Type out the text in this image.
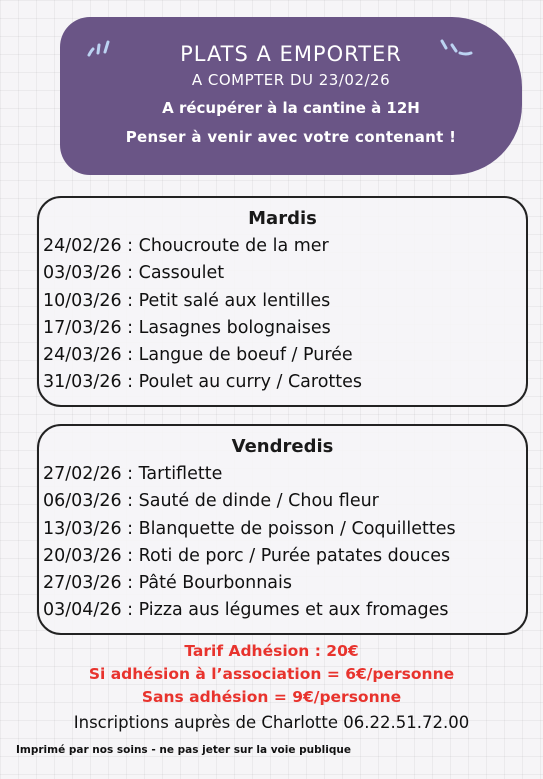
PLATS A EMPORTER
A COMPTER DU 23/02/26
A récupérer à la cantine à 12H
Penser à venir avec votre contenant !
Mardis
24/02/26 : Choucroute de la mer
03/03/26 : Cassoulet
10/03/26 : Petit salé aux lentilles
17/03/26 : Lasagnes bolognaises
24/03/26 : Langue de boeuf / Purée
31/03/26 : Poulet au curry / Carottes
Vendredis
27/02/26 : Tartiflette
06/03/26 : Sauté de dinde / Chou fleur
13/03/26 : Blanquette de poisson / Coquillettes
20/03/26 : Roti de porc / Purée patates douces
27/03/26 : Pâté Bourbonnais
03/04/26 : Pizza aus légumes et aux fromages
Tarif Adhésion : 20€
Si adhésion à l’association = 6€/personne
Sans adhésion = 9€/personne
Inscriptions auprès de Charlotte 06.22.51.72.00
Imprimé par nos soins - ne pas jeter sur la voie publique
